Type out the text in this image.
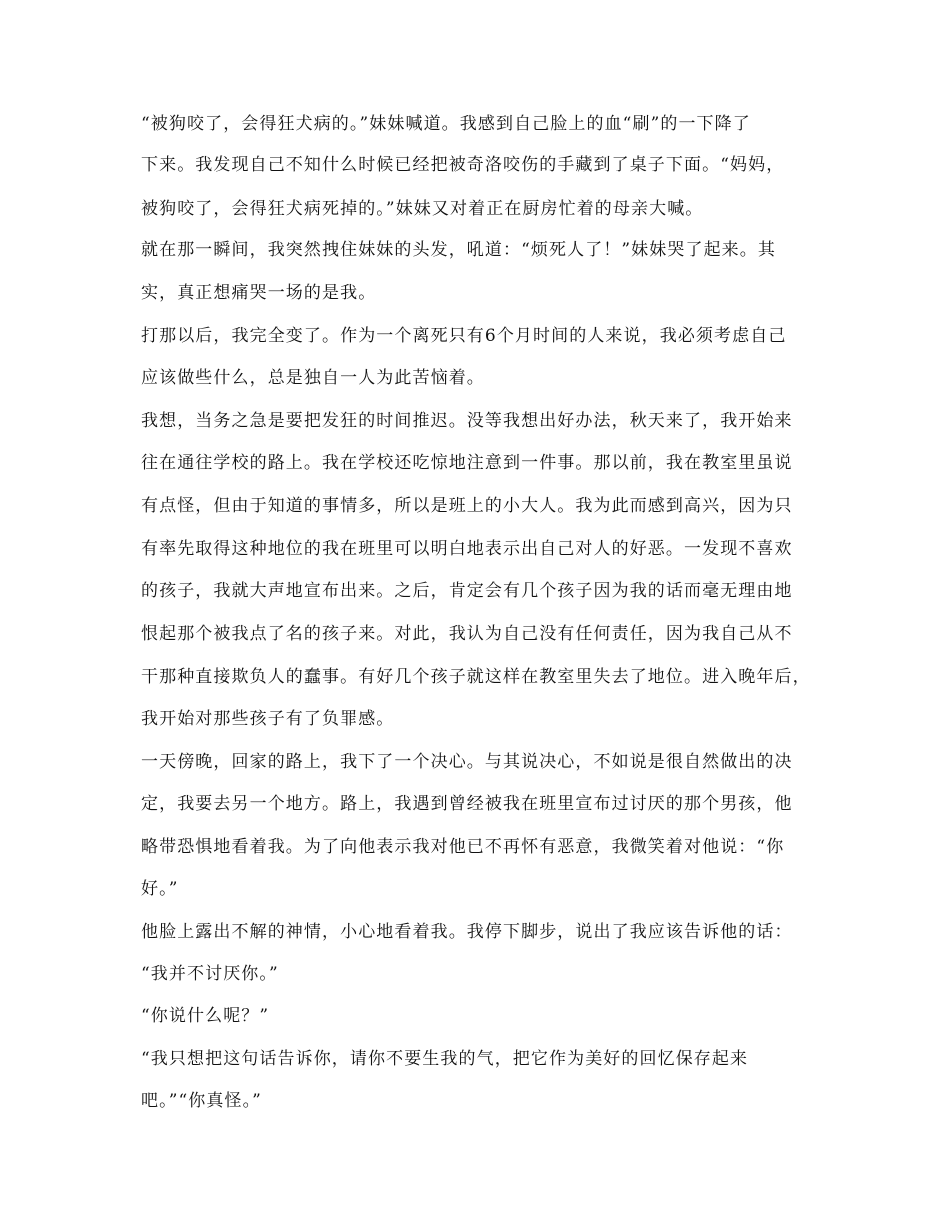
“被狗咬了，会得狂犬病的。”妹妹喊道。我感到自己脸上的血“刷”的一下降了
下来。我发现自己不知什么时候已经把被奇洛咬伤的手藏到了桌子下面。“妈妈，
被狗咬了，会得狂犬病死掉的。”妹妹又对着正在厨房忙着的母亲大喊。
就在那一瞬间，我突然拽住妹妹的头发，吼道：“烦死人了！”妹妹哭了起来。其
实，真正想痛哭一场的是我。
打那以后，我完全变了。作为一个离死只有6个月时间的人来说，我必须考虑自己
应该做些什么，总是独自一人为此苦恼着。
我想，当务之急是要把发狂的时间推迟。没等我想出好办法，秋天来了，我开始来
往在通往学校的路上。我在学校还吃惊地注意到一件事。那以前，我在教室里虽说
有点怪，但由于知道的事情多，所以是班上的小大人。我为此而感到高兴，因为只
有率先取得这种地位的我在班里可以明白地表示出自己对人的好恶。一发现不喜欢
的孩子，我就大声地宣布出来。之后，肯定会有几个孩子因为我的话而毫无理由地
恨起那个被我点了名的孩子来。对此，我认为自己没有任何责任，因为我自己从不
干那种直接欺负人的蠢事。有好几个孩子就这样在教室里失去了地位。进入晚年后，
我开始对那些孩子有了负罪感。
一天傍晚，回家的路上，我下了一个决心。与其说决心，不如说是很自然做出的决
定，我要去另一个地方。路上，我遇到曾经被我在班里宣布过讨厌的那个男孩，他
略带恐惧地看着我。为了向他表示我对他已不再怀有恶意，我微笑着对他说：“你
好。”
他脸上露出不解的神情，小心地看着我。我停下脚步，说出了我应该告诉他的话：
“我并不讨厌你。”
“你说什么呢？”
“我只想把这句话告诉你，请你不要生我的气，把它作为美好的回忆保存起来
吧。”“你真怪。”
